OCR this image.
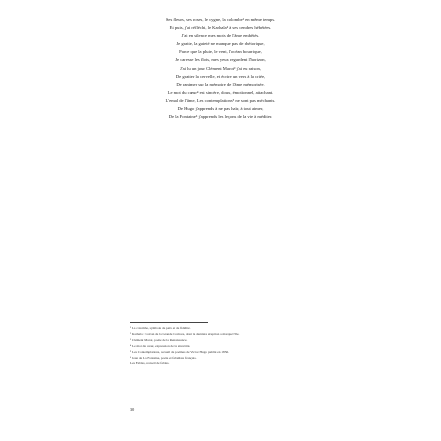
Ses fleurs, ses roses, le cygne, la colombe¹ en même temps.
Et puis, j'ai réfléchi, le Karhala² à ses cendres hébétées.
J'ai en silence mes mots de l'âme embêtés.
Je gratte, la gaieté ne manque pas de rhétorique,
Parce que la pluie, le vent, l'océan bourrique,
Je caresse les flots, mes yeux regardent l'horizon,
J'ai lu un jour Clément Marot³ j'ai eu raison,
De gratter la cervelle, et écrire un vers à la criée,
De ranimer sur la mémoire de l'âme mémorisée.
Le mot du cœur⁴ est sincère, doux, émotionnel, attachant.
L'emal de l'âme, Les contemplations⁵ ne sont pas méchants.
De Hugo j'apprends à ne pas haïr, à tout aimer,
De la Fontaine⁶ j'apprends les leçons de la vie à méditer.
¹ La colombe, symbole de paix et de fidélité.
² Karhala : volcan de la Grande Comore, dont la dernière éruption a marqué l'île.
³ Clément Marot, poète de la Renaissance.
⁴ Le mot du cœur, expression de la sincérité.
⁵ Les Contemplations, recueil de poèmes de Victor Hugo publié en 1856.
⁶ Jean de La Fontaine, poète et fabuliste français.
Les Fables, recueil de fables.
30
